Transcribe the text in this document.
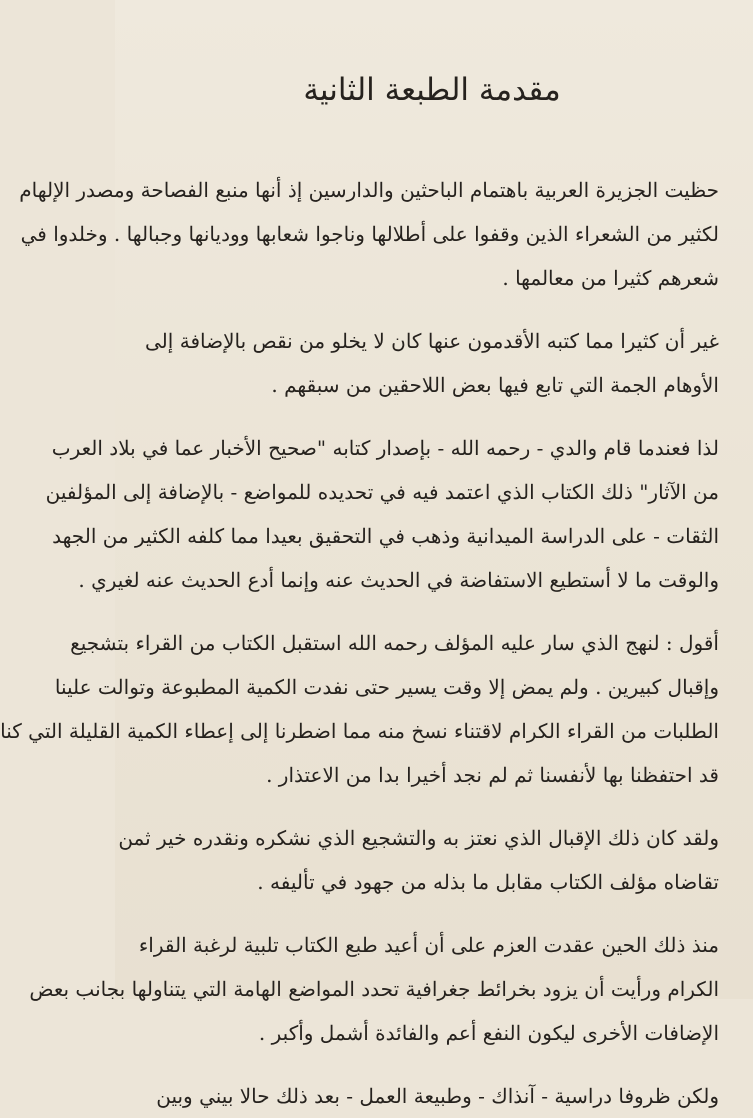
مقدمة الطبعة الثانية
حظيت الجزيرة العربية باهتمام الباحثين والدارسين إذ أنها منبع الفصاحة ومصدر الإلهام
لكثير من الشعراء الذين وقفوا على أطلالها وناجوا شعابها ووديانها وجبالها . وخلدوا في
شعرهم كثيرا من معالمها .
غير أن كثيرا مما كتبه الأقدمون عنها كان لا يخلو من نقص بالإضافة إلى
الأوهام الجمة التي تابع فيها بعض اللاحقين من سبقهم .
لذا فعندما قام والدي - رحمه الله - بإصدار كتابه "صحيح الأخبار عما في بلاد العرب
من الآثار" ذلك الكتاب الذي اعتمد فيه في تحديده للمواضع - بالإضافة إلى المؤلفين
الثقات - على الدراسة الميدانية وذهب في التحقيق بعيدا مما كلفه الكثير من الجهد
والوقت ما لا أستطيع الاستفاضة في الحديث عنه وإنما أدع الحديث عنه لغيري .
أقول : لنهج الذي سار عليه المؤلف رحمه الله استقبل الكتاب من القراء بتشجيع
وإقبال كبيرين . ولم يمض إلا وقت يسير حتى نفدت الكمية المطبوعة وتوالت علينا
الطلبات من القراء الكرام لاقتناء نسخ منه مما اضطرنا إلى إعطاء الكمية القليلة التي كنا
قد احتفظنا بها لأنفسنا ثم لم نجد أخيرا بدا من الاعتذار .
ولقد كان ذلك الإقبال الذي نعتز به والتشجيع الذي نشكره ونقدره خير ثمن
تقاضاه مؤلف الكتاب مقابل ما بذله من جهود في تأليفه .
منذ ذلك الحين عقدت العزم على أن أعيد طبع الكتاب تلبية لرغبة القراء
الكرام ورأيت أن يزود بخرائط جغرافية تحدد المواضع الهامة التي يتناولها بجانب بعض
الإضافات الأخرى ليكون النفع أعم والفائدة أشمل وأكبر .
ولكن ظروفا دراسية - آنذاك - وطبيعة العمل - بعد ذلك حالا بيني وبين
